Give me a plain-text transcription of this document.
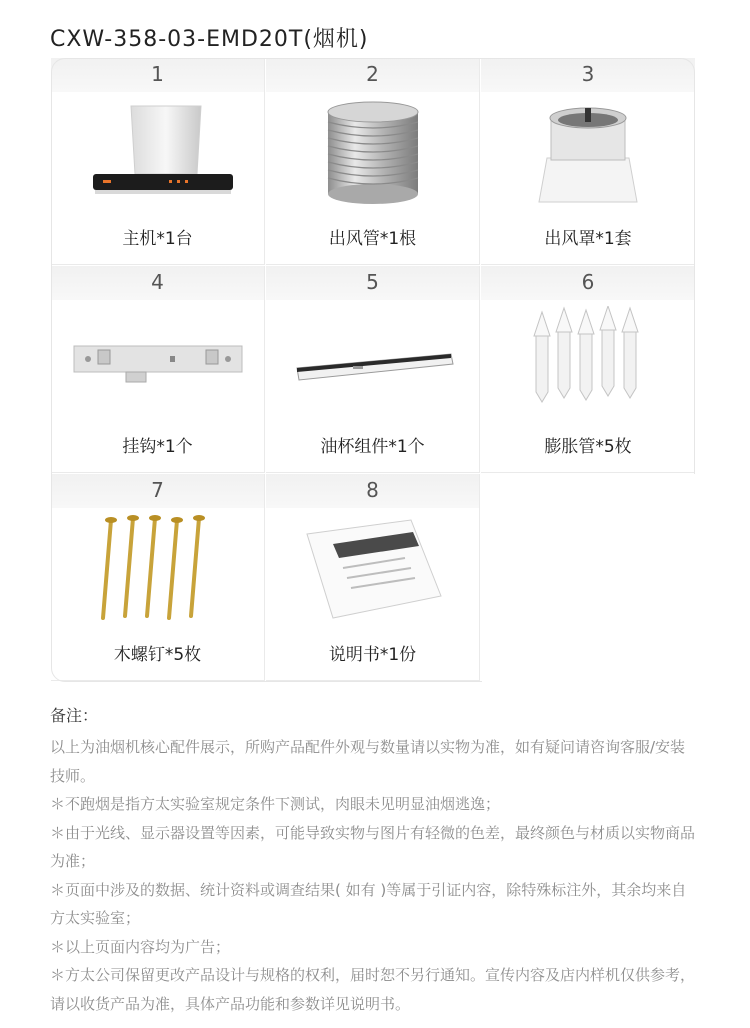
CXW-358-03-EMD20T(烟机)
1
主机*1台
2
出风管*1根
3
出风罩*1套
4
挂钩*1个
5
油杯组件*1个
6
膨胀管*5枚
7
木螺钉*5枚
8
说明书*1份
备注：

以上为油烟机核心配件展示，所购产品配件外观与数量请以实物为准，如有疑问请咨询客服/安装技师。

＊不跑烟是指方太实验室规定条件下测试，肉眼未见明显油烟逃逸；

＊由于光线、显示器设置等因素，可能导致实物与图片有轻微的色差，最终颜色与材质以实物商品为准；

＊页面中涉及的数据、统计资料或调查结果( 如有 )等属于引证内容，除特殊标注外，其余均来自方太实验室；

＊以上页面内容均为广告；

＊方太公司保留更改产品设计与规格的权利，届时恕不另行通知。宣传内容及店内样机仅供参考，请以收货产品为准，具体产品功能和参数详见说明书。
